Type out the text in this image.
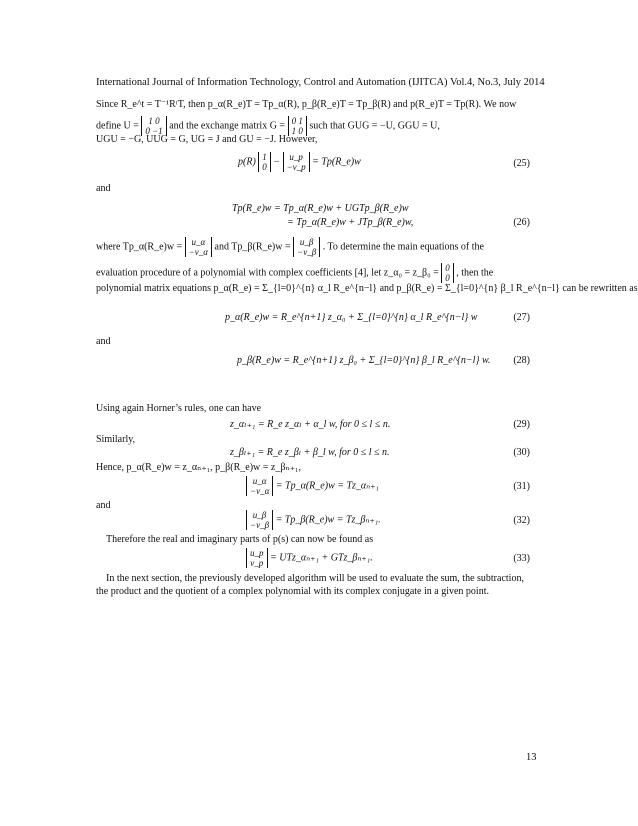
International Journal of Information Technology, Control and Automation (IJITCA) Vol.4, No.3, July 2014
Since R_e^t = T⁻¹RᵗT, then p_α(R_e)T = Tp_α(R), p_β(R_e)T = Tp_β(R) and p(R_e)T = Tp(R). We now
define U =	1 0
0 −1 and the exchange matrix G = 0 1
1 0 such that GUG = −U, GGU = U,
UGU = −G, UUG = G, UG = J and GU = −J. However,
p(R) 1
0 − u_p
−v_p = Tp(R_e)w	(25)
and
Tp(R_e)w = Tp_α(R_e)w + UGTp_β(R_e)w
= Tp_α(R_e)w + JTp_β(R_e)w,	(26)
where Tp_α(R_e)w =	u_α
−v_α and Tp_β(R_e)w =	u_β
−v_β . To determine the main equations of the
evaluation procedure of a polynomial with complex coefficients [4], let z_α₀ = z_β₀ = 0
0 , then the
polynomial matrix equations p_α(R_e) = Σ_{l=0}^{n} α_l R_e^{n−l} and p_β(R_e) = Σ_{l=0}^{n} β_l R_e^{n−l} can be rewritten as
p_α(R_e)w = R_e^{n+1} z_α₀ + Σ_{l=0}^{n} α_l R_e^{n−l} w	(27)
and
p_β(R_e)w = R_e^{n+1} z_β₀ + Σ_{l=0}^{n} β_l R_e^{n−l} w. (28)
Using again Horner’s rules, one can have
z_αₗ₊₁ = R_e z_αₗ + α_l w, for 0 ≤ l ≤ n.	(29)
Similarly,
z_βₗ₊₁ = R_e z_βₗ + β_l w, for 0 ≤ l ≤ n.	(30)
Hence, p_α(R_e)w = z_αₙ₊₁, p_β(R_e)w = z_βₙ₊₁,
u_α
−v_α = Tp_α(R_e)w = Tz_αₙ₊₁	(31)
and
u_β
−v_β = Tp_β(R_e)w = Tz_βₙ₊₁.	(32)
Therefore the real and imaginary parts of p(s) can now be found as
u_p
v_p = UTz_αₙ₊₁ + GTz_βₙ₊₁.	(33)
In the next section, the previously developed algorithm will be used to evaluate the sum, the subtraction,
the product and the quotient of a complex polynomial with its complex conjugate in a given point.
13
